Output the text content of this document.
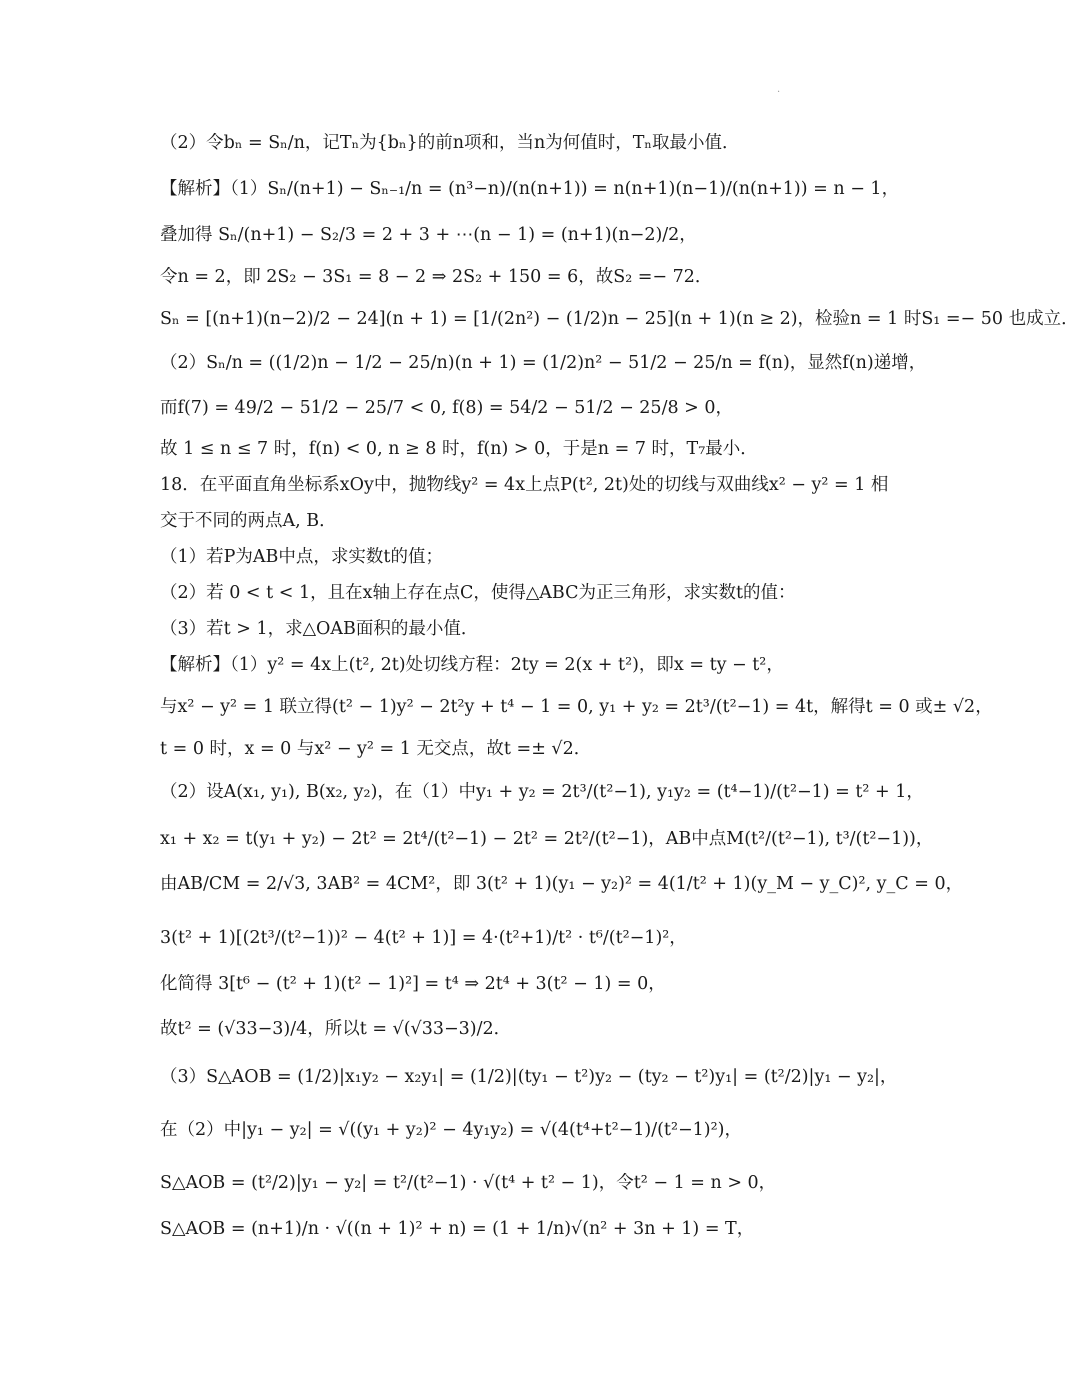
.
（2）令bₙ = Sₙ/n，记Tₙ为{bₙ}的前n项和，当n为何值时，Tₙ取最小值．
【解析】（1）Sₙ/(n+1) − Sₙ₋₁/n = (n³−n)/(n(n+1)) = n(n+1)(n−1)/(n(n+1)) = n − 1，
叠加得 Sₙ/(n+1) − S₂/3 = 2 + 3 + ⋯(n − 1) = (n+1)(n−2)/2，
令n = 2，即 2S₂ − 3S₁ = 8 − 2 ⇒ 2S₂ + 150 = 6，故S₂ =− 72．
Sₙ = [(n+1)(n−2)/2 − 24](n + 1) = [1/(2n²) − (1/2)n − 25](n + 1)(n ≥ 2)，检验n = 1 时S₁ =− 50 也成立．
（2）Sₙ/n = ((1/2)n − 1/2 − 25/n)(n + 1) = (1/2)n² − 51/2 − 25/n = f(n)，显然f(n)递增，
而f(7) = 49/2 − 51/2 − 25/7 < 0, f(8) = 54/2 − 51/2 − 25/8 > 0，
故 1 ≤ n ≤ 7 时，f(n) < 0, n ≥ 8 时，f(n) > 0，于是n = 7 时，T₇最小．
18．在平面直角坐标系xOy中，抛物线y² = 4x上点P(t², 2t)处的切线与双曲线x² − y² = 1 相
交于不同的两点A, B．
（1）若P为AB中点，求实数t的值；
（2）若 0 < t < 1，且在x轴上存在点C，使得△ABC为正三角形，求实数t的值：
（3）若t > 1，求△OAB面积的最小值．
【解析】（1）y² = 4x上(t², 2t)处切线方程：2ty = 2(x + t²)，即x = ty − t²，
与x² − y² = 1 联立得(t² − 1)y² − 2t²y + t⁴ − 1 = 0, y₁ + y₂ = 2t³/(t²−1) = 4t，解得t = 0 或± √2，
t = 0 时，x = 0 与x² − y² = 1 无交点，故t =± √2．
（2）设A(x₁, y₁), B(x₂, y₂)，在（1）中y₁ + y₂ = 2t³/(t²−1), y₁y₂ = (t⁴−1)/(t²−1) = t² + 1，
x₁ + x₂ = t(y₁ + y₂) − 2t² = 2t⁴/(t²−1) − 2t² = 2t²/(t²−1)，AB中点M(t²/(t²−1), t³/(t²−1))，
由AB/CM = 2/√3, 3AB² = 4CM²，即 3(t² + 1)(y₁ − y₂)² = 4(1/t² + 1)(y_M − y_C)², y_C = 0，
3(t² + 1)[(2t³/(t²−1))² − 4(t² + 1)] = 4·(t²+1)/t² · t⁶/(t²−1)²，
化简得 3[t⁶ − (t² + 1)(t² − 1)²] = t⁴ ⇒ 2t⁴ + 3(t² − 1) = 0，
故t² = (√33−3)/4，所以t = √(√33−3)/2．
（3）S△AOB = (1/2)|x₁y₂ − x₂y₁| = (1/2)|(ty₁ − t²)y₂ − (ty₂ − t²)y₁| = (t²/2)|y₁ − y₂|，
在（2）中|y₁ − y₂| = √((y₁ + y₂)² − 4y₁y₂) = √(4(t⁴+t²−1)/(t²−1)²)，
S△AOB = (t²/2)|y₁ − y₂| = t²/(t²−1) · √(t⁴ + t² − 1)，令t² − 1 = n > 0，
S△AOB = (n+1)/n · √((n + 1)² + n) = (1 + 1/n)√(n² + 3n + 1) = T，
